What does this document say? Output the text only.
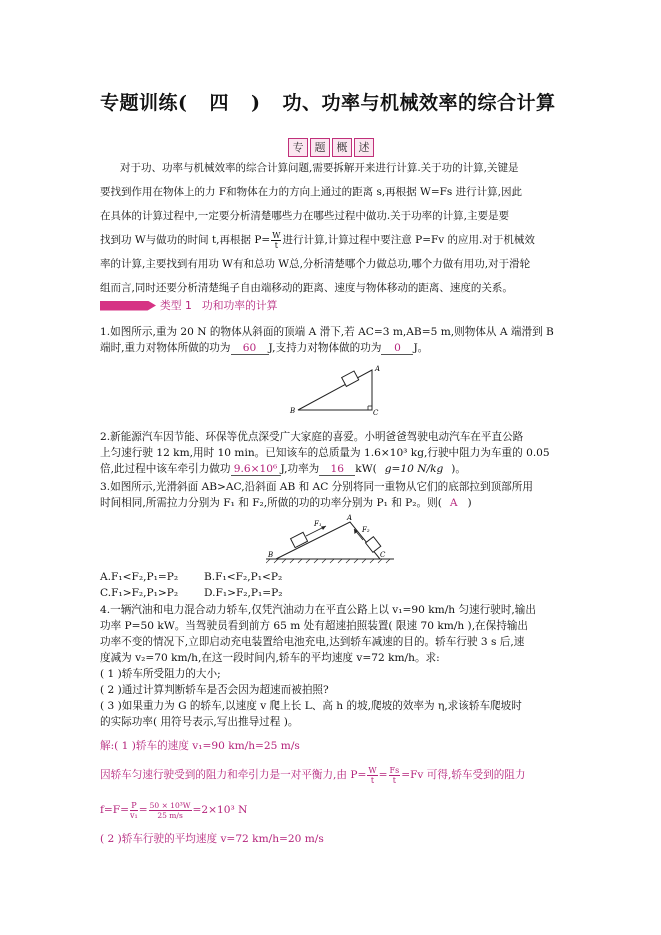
专题训练( 四 ) 功、功率与机械效率的综合计算
专	题	概	述
对于功、功率与机械效率的综合计算问题,需要拆解开来进行计算.关于功的计算,关键是
要找到作用在物体上的力 F和物体在力的方向上通过的距离 s,再根据 W=Fs 进行计算,因此
在具体的计算过程中,一定要分析清楚哪些力在哪些过程中做功.关于功率的计算,主要是要
找到功 W与做功的时间 t,再根据 $P= \frac{W}{t}$ 进行计算,计算过程中要注意 P=Fv 的应用.对于机械效
率的计算,主要找到有用功 W有和总功 W总,分析清楚哪个力做总功,哪个力做有用功,对于滑轮
组而言,同时还要分析清楚绳子自由端移动的距离、速度与物体移动的距离、速度的关系。
类型 1 功和功率的计算
1.如图所示,重为 20 N 的物体从斜面的顶端 A 滑下,若 AC=3 m,AB=5 m,则物体从 A 端滑到 B
端时,重力对物体所做的功为 60 J,支持力对物体做的功为 0 J。
A
B	C
2.新能源汽车因节能、环保等优点深受广大家庭的喜爱。小明爸爸驾驶电动汽车在平直公路
上匀速行驶 12 km,用时 10 min。已知该车的总质量为 1.6×10³ kg,行驶中阻力为车重的 0.05
倍,此过程中该车牵引力做功 9.6×10⁶ J,功率为 16 kW( g=10 N/kg )。
3.如图所示,光滑斜面 AB>AC,沿斜面 AB 和 AC 分别将同一重物从它们的底部拉到顶部所用
时间相同,所需拉力分别为 F₁ 和 F₂,所做的功的功率分别为 P₁ 和 P₂。则( A )
F₁
F₂
A
B	C
A.F₁<F₂,P₁=P₂ B.F₁<F₂,P₁<P₂
C.F₁>F₂,P₁>P₂ D.F₁>F₂,P₁=P₂
4.一辆汽油和电力混合动力轿车,仅凭汽油动力在平直公路上以 v₁=90 km/h 匀速行驶时,输出
功率 P=50 kW。当驾驶员看到前方 65 m 处有超速拍照装置( 限速 70 km/h ),在保持输出
功率不变的情况下,立即启动充电装置给电池充电,达到轿车减速的目的。轿车行驶 3 s 后,速
度减为 v₂=70 km/h,在这一段时间内,轿车的平均速度 v=72 km/h。求:
( 1 )轿车所受阻力的大小;
( 2 )通过计算判断轿车是否会因为超速而被拍照?
( 3 )如果重力为 G 的轿车,以速度 v 爬上长 L、高 h 的坡,爬坡的效率为 η,求该轿车爬坡时
的实际功率( 用符号表示,写出推导过程 )。
解:( 1 )轿车的速度 v₁=90 km/h=25 m/s
因轿车匀速行驶受到的阻力和牵引力是一对平衡力,由 $P= \frac{W}{t} = \frac{Fs}{t} =Fv$ 可得,轿车受到的阻力
$f=F= \frac{P}{\text{v₁}} = \frac{\text{50 × 10³W}}{25 m/s} =2\times 10^3$ N
( 2 )轿车行驶的平均速度 v=72 km/h=20 m/s
